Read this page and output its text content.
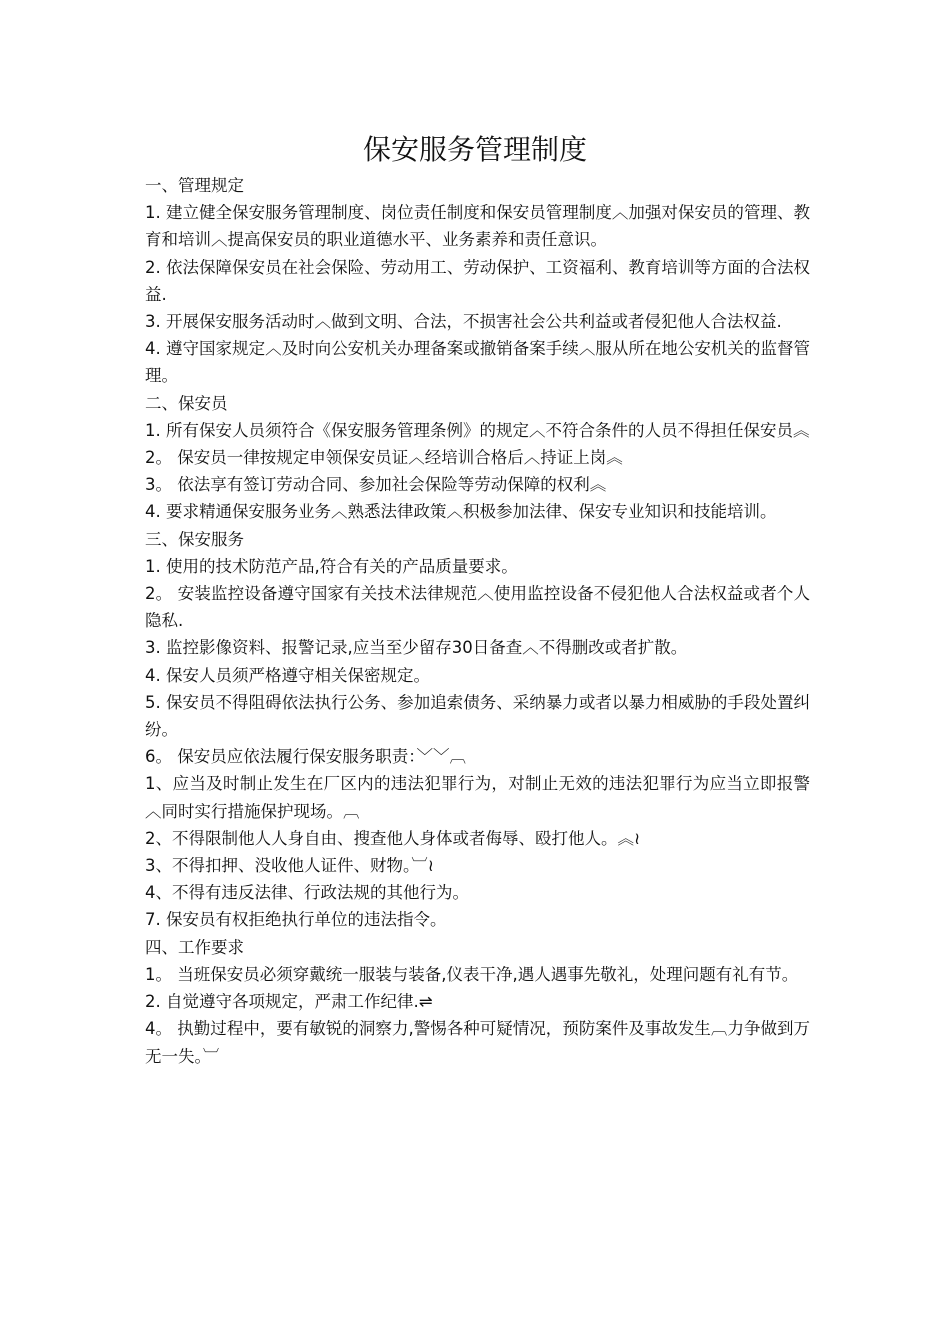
保安服务管理制度

一、管理规定

1. 建立健全保安服务管理制度、岗位责任制度和保安员管理制度︿加强对保安员的管理、教育和培训︿提高保安员的职业道德水平、业务素养和责任意识。

2. 依法保障保安员在社会保险、劳动用工、劳动保护、工资福利、教育培训等方面的合法权益.

3. 开展保安服务活动时︿做到文明、合法，不损害社会公共利益或者侵犯他人合法权益.

4. 遵守国家规定︿及时向公安机关办理备案或撤销备案手续︿服从所在地公安机关的监督管理。

二、保安员

1. 所有保安人员须符合《保安服务管理条例》的规定︿不符合条件的人员不得担任保安员︽

2。 保安员一律按规定申领保安员证︿经培训合格后︿持证上岗︽

3。 依法享有签订劳动合同、参加社会保险等劳动保障的权利︽

4. 要求精通保安服务业务︿熟悉法律政策︿积极参加法律、保安专业知识和技能培训。

三、保安服务

1. 使用的技术防范产品,符合有关的产品质量要求。

2。 安装监控设备遵守国家有关技术法律规范︿使用监控设备不侵犯他人合法权益或者个人隐私.

3. 监控影像资料、报警记录,应当至少留存30日备查︿不得删改或者扩散。

4. 保安人员须严格遵守相关保密规定。

5. 保安员不得阻碍依法执行公务、参加追索债务、采纳暴力或者以暴力相威胁的手段处置纠纷。

6。 保安员应依法履行保安服务职责：﹀﹀︹

1、应当及时制止发生在厂区内的违法犯罪行为，对制止无效的违法犯罪行为应当立即报警︿同时实行措施保护现场。︹

2、不得限制他人人身自由、搜查他人身体或者侮辱、殴打他人。︽≀

3、不得扣押、没收他人证件、财物。︺≀

4、不得有违反法律、行政法规的其他行为。

7. 保安员有权拒绝执行单位的违法指令。

四、工作要求

1。 当班保安员必须穿戴统一服装与装备,仪表干净,遇人遇事先敬礼，处理问题有礼有节。

2. 自觉遵守各项规定，严肃工作纪律.⇌

4。 执勤过程中，要有敏锐的洞察力,警惕各种可疑情况，预防案件及事故发生︹力争做到万无一失。︺
